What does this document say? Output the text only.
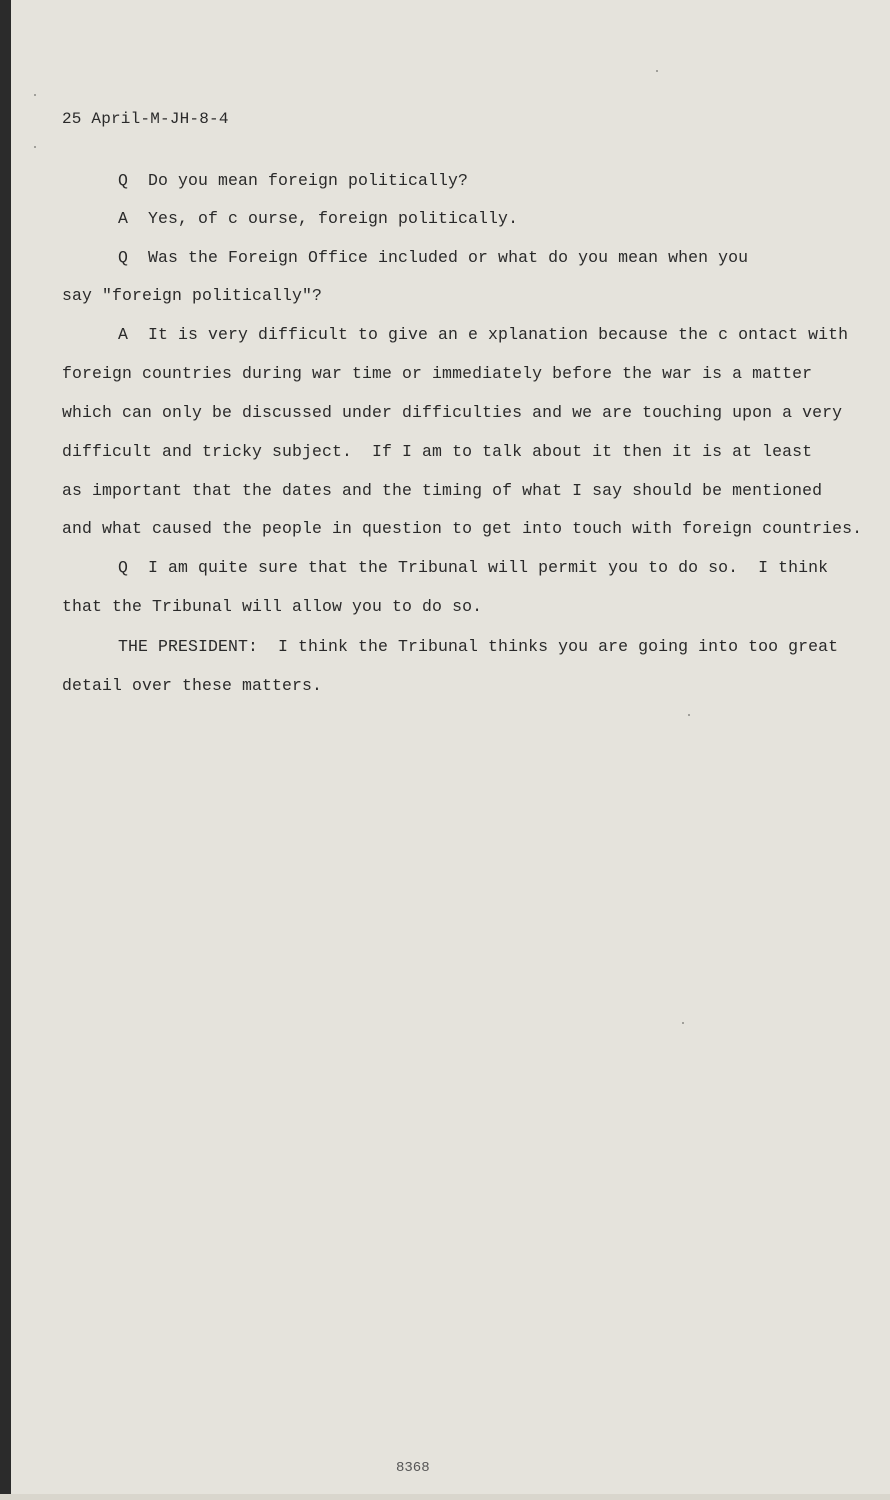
25 April-M-JH-8-4
Q  Do you mean foreign politically?
A  Yes, of c ourse, foreign politically.
Q  Was the Foreign Office included or what do you mean when you
say "foreign politically"?
A  It is very difficult to give an e xplanation because the c ontact with
foreign countries during war time or immediately before the war is a matter
which can only be discussed under difficulties and we are touching upon a very
difficult and tricky subject.  If I am to talk about it then it is at least
as important that the dates and the timing of what I say should be mentioned
and what caused the people in question to get into touch with foreign countries.
Q  I am quite sure that the Tribunal will permit you to do so.  I think
that the Tribunal will allow you to do so.
THE PRESIDENT:  I think the Tribunal thinks you are going into too great
detail over these matters.
8368
